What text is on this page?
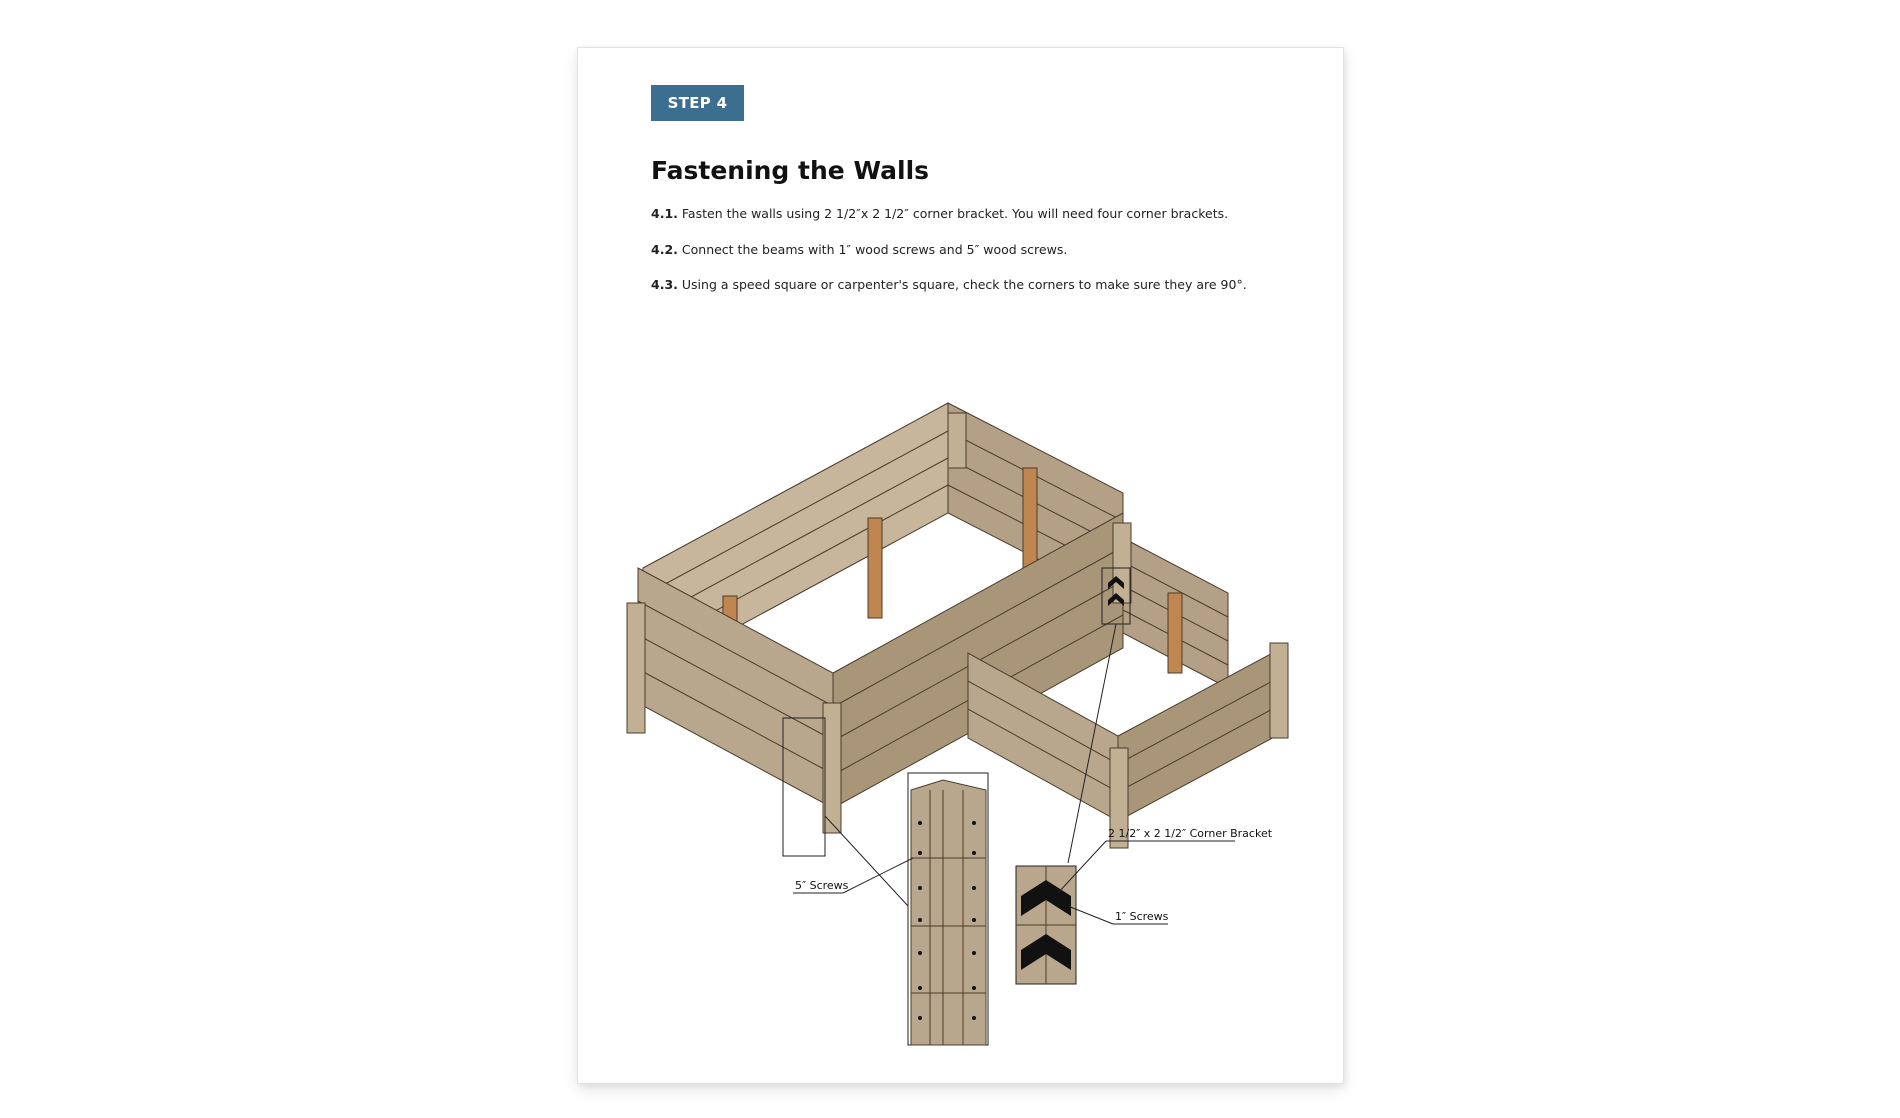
STEP 4
Fastening the Walls

4.1. Fasten the walls using 2 1/2″x 2 1/2″ corner bracket. You will need four corner brackets.

4.2. Connect the beams with 1″ wood screws and 5″ wood screws.

4.3. Using a speed square or carpenter's square, check the corners to make sure they are 90°.

5″ Screws
2 1/2″ x 2 1/2″ Corner Bracket
1″ Screws
